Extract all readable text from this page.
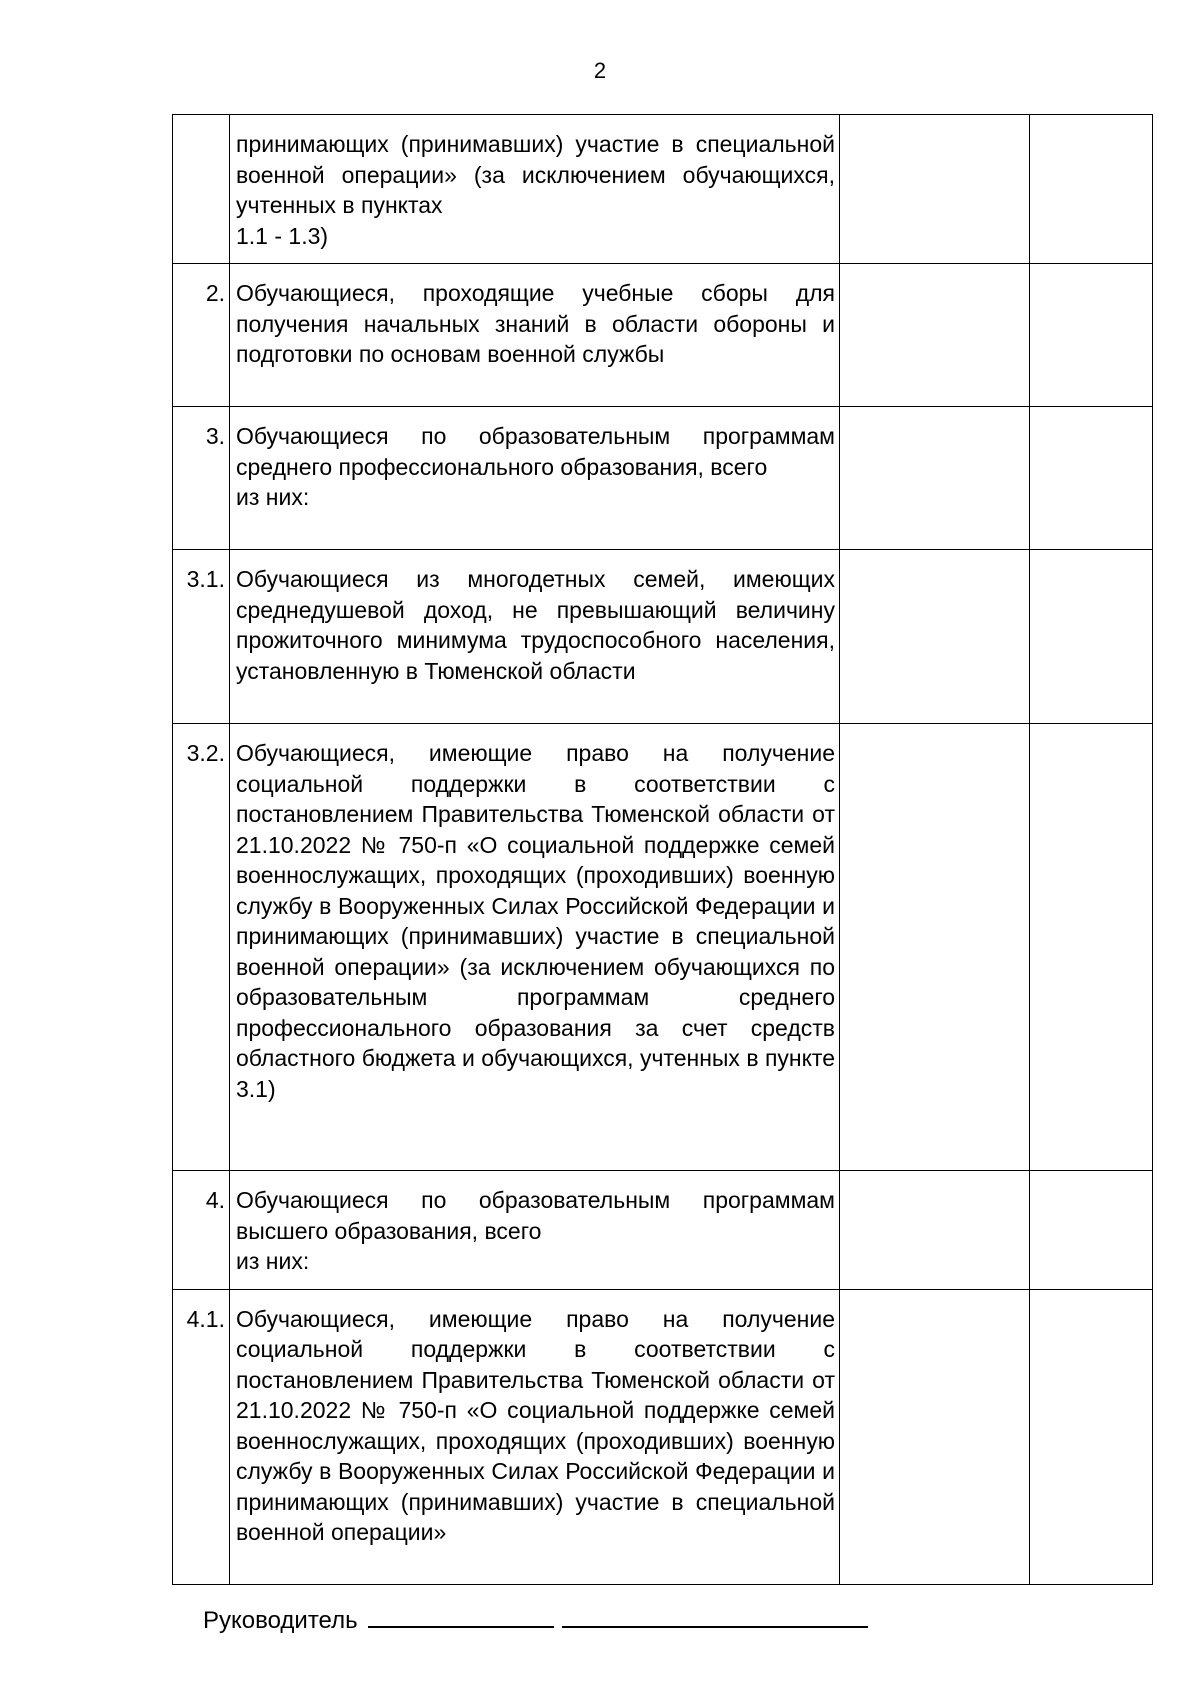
2

	принимающих (принимавших) участие в специальной военной операции» (за исключением обучающихся, учтенных в пунктах
1.1 - 1.3)		

2.	Обучающиеся, проходящие учебные сборы для получения начальных знаний в области обороны и подготовки по основам военной службы		

3.	Обучающиеся по образовательным программам среднего профессионального образования, всего
из них:		

3.1.	Обучающиеся из многодетных семей, имеющих среднедушевой доход, не превышающий величину прожиточного минимума трудоспособного населения, установленную в Тюменской области		

3.2.	Обучающиеся, имеющие право на получение социальной поддержки в соответствии с постановлением Правительства Тюменской области от 21.10.2022 № 750-п «О социальной поддержке семей военнослужащих, проходящих (проходивших) военную службу в Вооруженных Силах Российской Федерации и принимающих (принимавших) участие в специальной военной операции» (за исключением обучающихся по образовательным программам среднего профессионального образования за счет средств областного бюджета и обучающихся, учтенных в пункте 3.1)		

4.	Обучающиеся по образовательным программам высшего образования, всего
из них:		

4.1.	Обучающиеся, имеющие право на получение социальной поддержки в соответствии с постановлением Правительства Тюменской области от 21.10.2022 № 750-п «О социальной поддержке семей военнослужащих, проходящих (проходивших) военную службу в Вооруженных Силах Российской Федерации и принимающих (принимавших) участие в специальной военной операции»		

Руководитель
